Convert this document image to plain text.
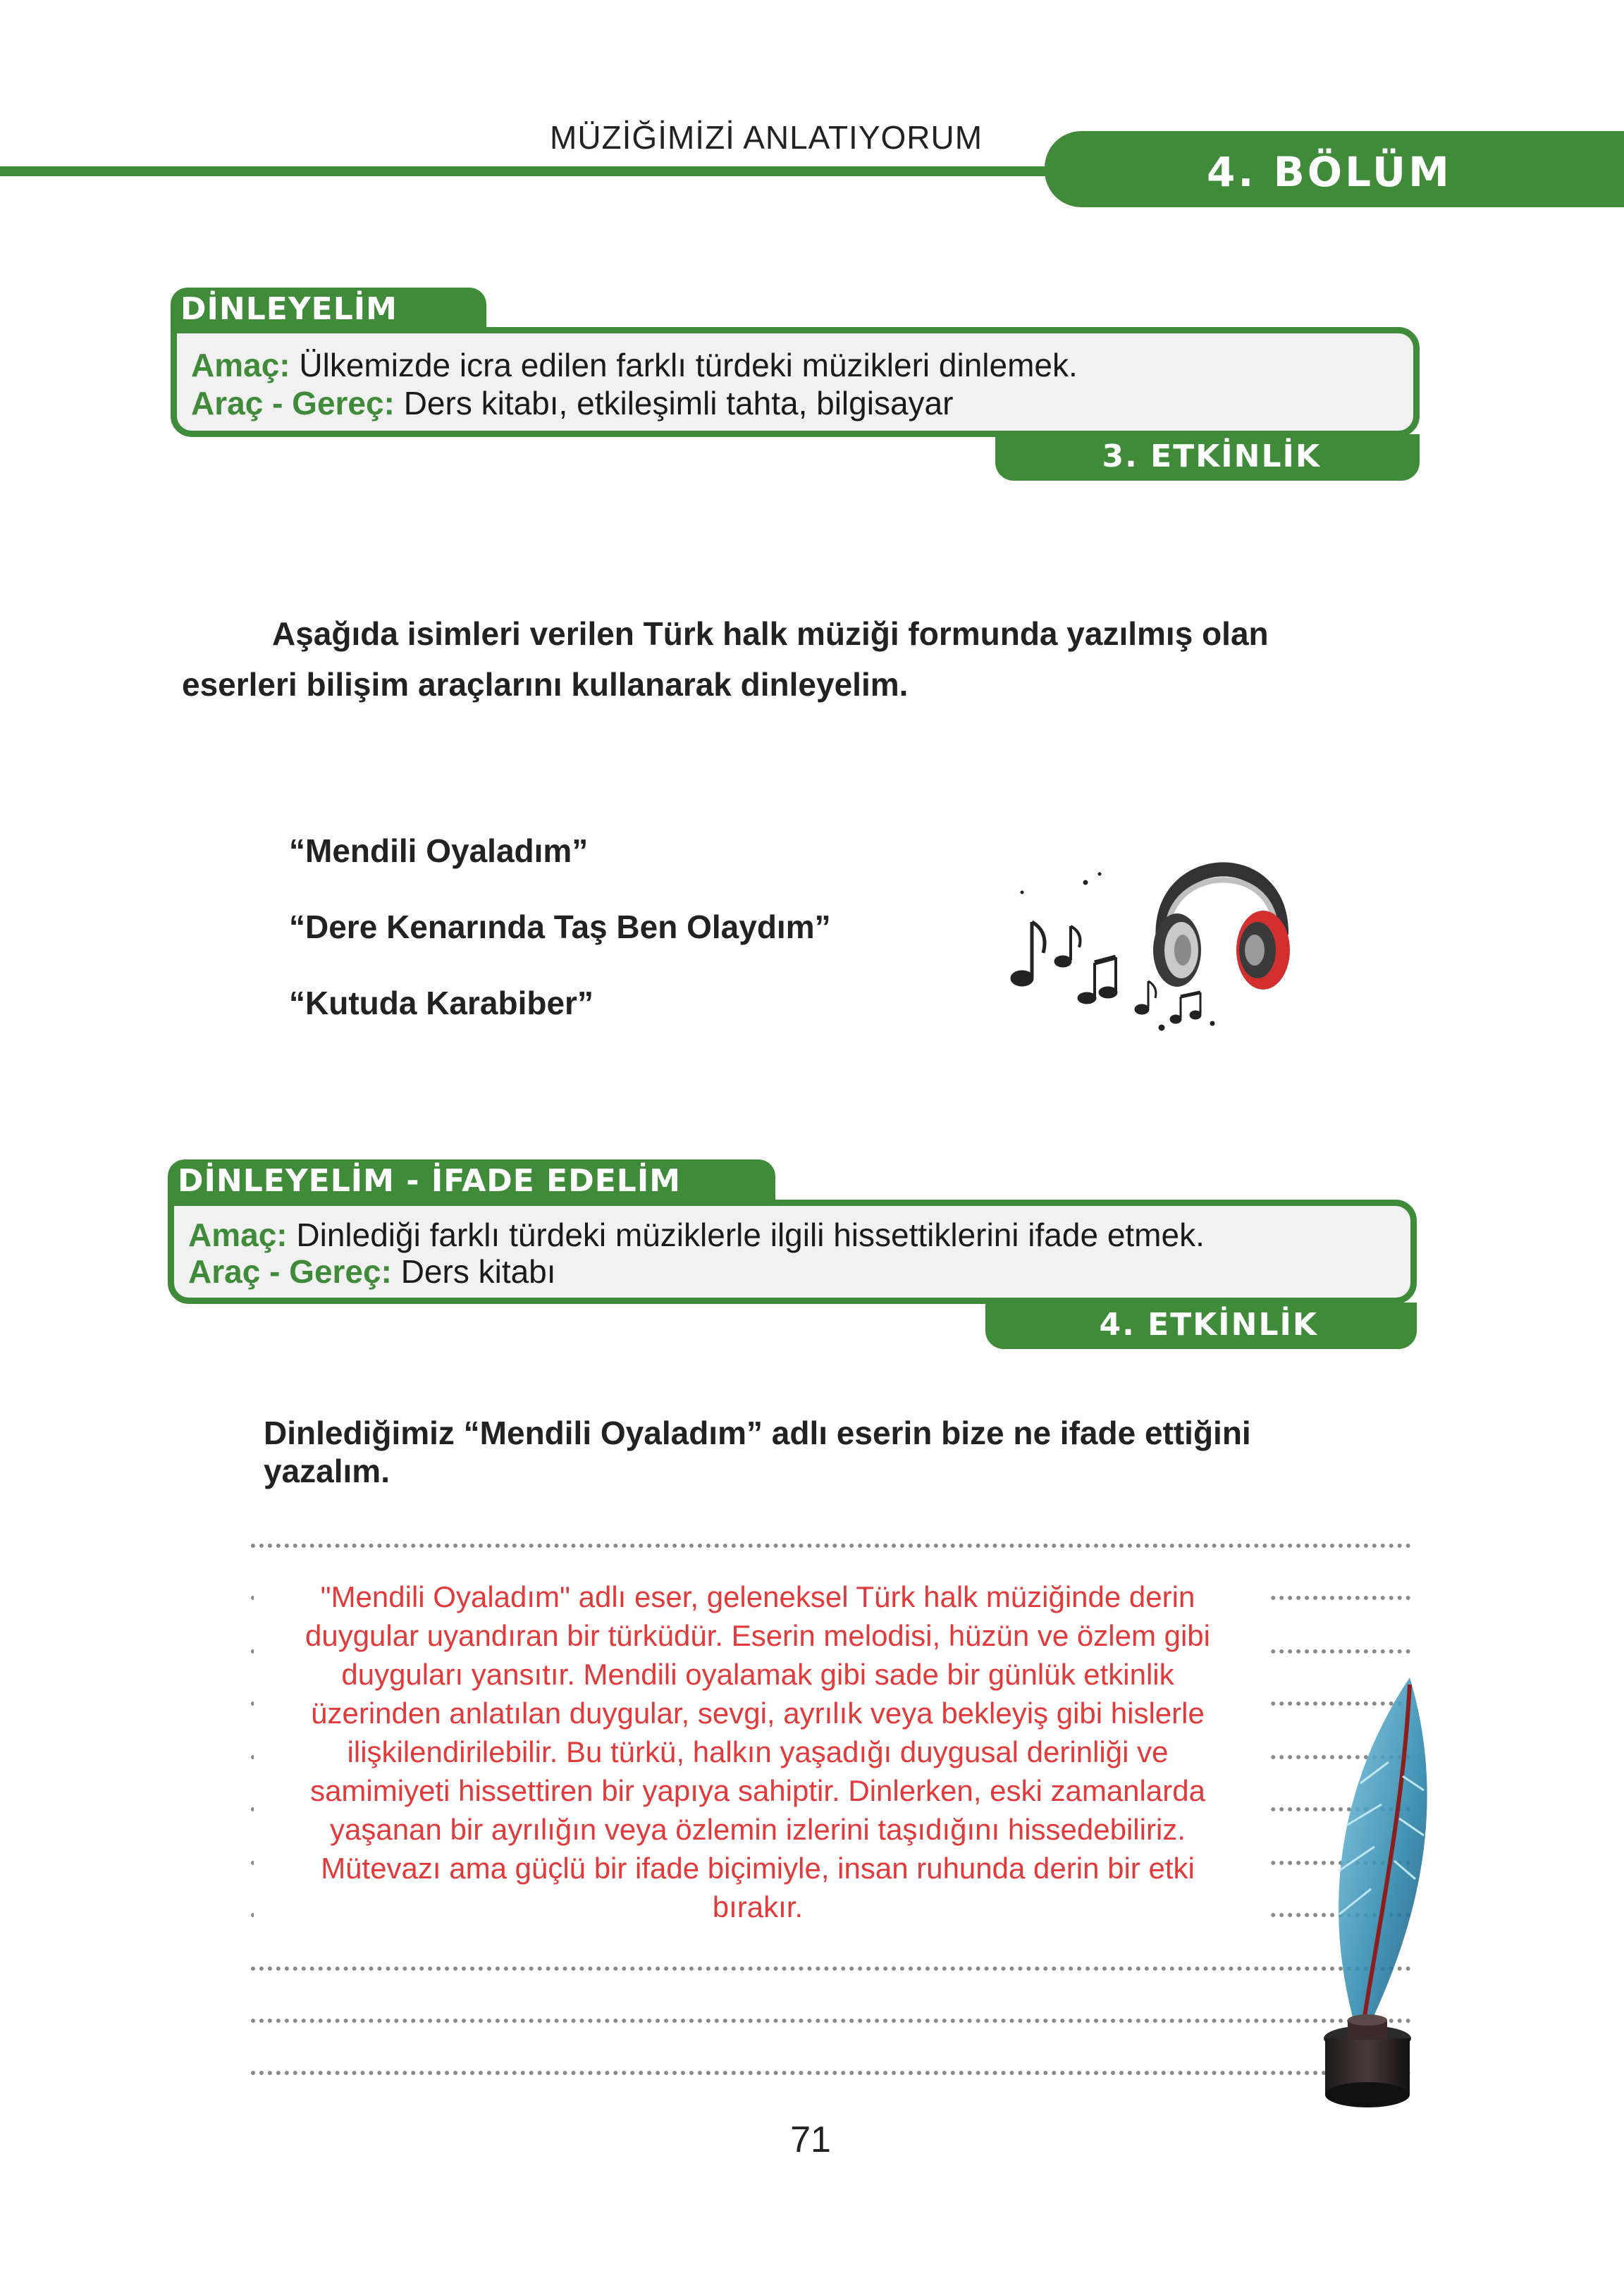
MÜZİĞİMİZİ ANLATIYORUM
4. BÖLÜM
DİNLEYELİM
Amaç: Ülkemizde icra edilen farklı türdeki müzikleri dinlemek.
Araç - Gereç: Ders kitabı, etkileşimli tahta, bilgisayar
3. ETKİNLİK
Aşağıda isimleri verilen Türk halk müziği formunda yazılmış olan
eserleri bilişim araçlarını kullanarak dinleyelim.
“Mendili Oyaladım”
“Dere Kenarında Taş Ben Olaydım”
“Kutuda Karabiber”
DİNLEYELİM - İFADE EDELİM
Amaç: Dinlediği farklı türdeki müziklerle ilgili hissettiklerini ifade etmek.
Araç - Gereç: Ders kitabı
4. ETKİNLİK
Dinlediğimiz “Mendili Oyaladım” adlı eserin bize ne ifade ettiğini
yazalım.
"Mendili Oyaladım" adlı eser, geleneksel Türk halk müziğinde derin
duygular uyandıran bir türküdür. Eserin melodisi, hüzün ve özlem gibi
duyguları yansıtır. Mendili oyalamak gibi sade bir günlük etkinlik
üzerinden anlatılan duygular, sevgi, ayrılık veya bekleyiş gibi hislerle
ilişkilendirilebilir. Bu türkü, halkın yaşadığı duygusal derinliği ve
samimiyeti hissettiren bir yapıya sahiptir. Dinlerken, eski zamanlarda
yaşanan bir ayrılığın veya özlemin izlerini taşıdığını hissedebiliriz.
Mütevazı ama güçlü bir ifade biçimiyle, insan ruhunda derin bir etki
bırakır.
71
